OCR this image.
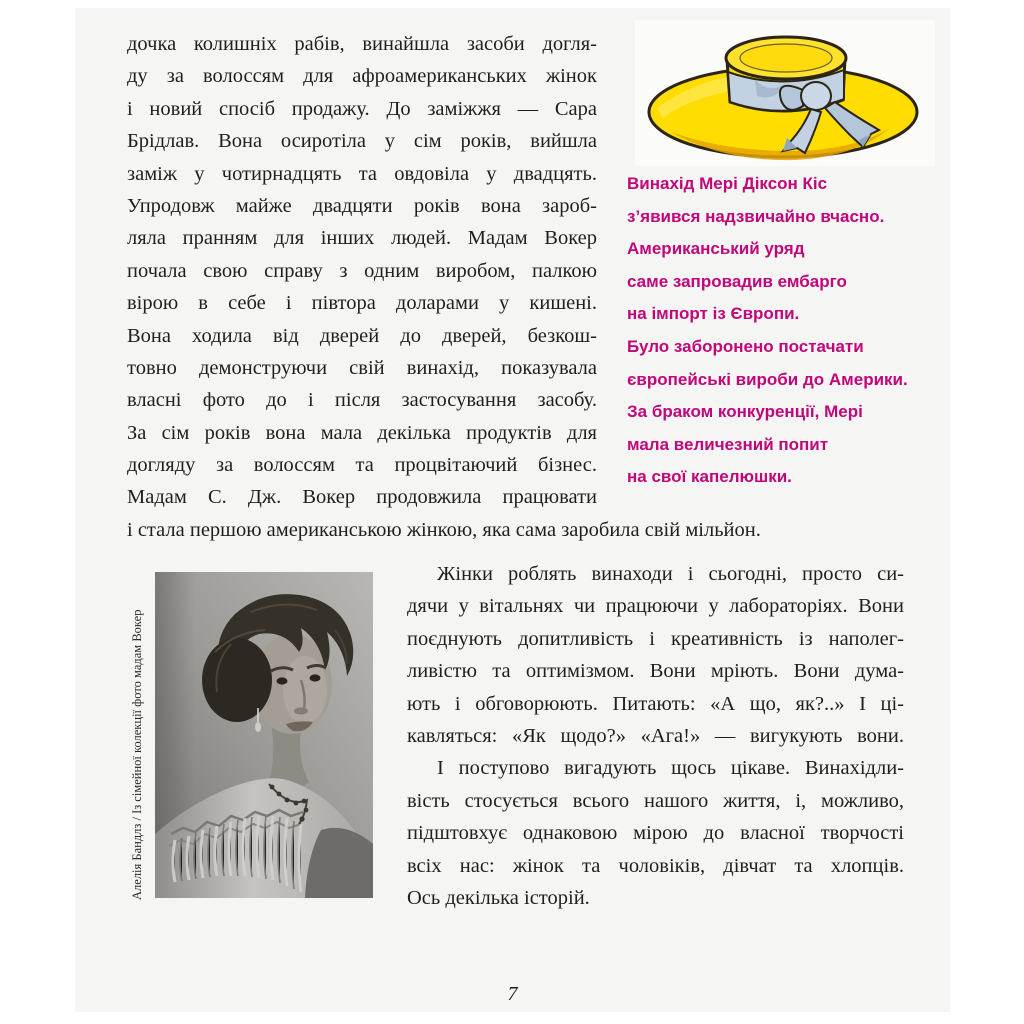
дочка колишніх рабів, винайшла засоби догля-
ду за волоссям для афроамериканських жінок
і новий спосіб продажу. До заміжжя — Сара
Брідлав. Вона осиротіла у сім років, вийшла
заміж у чотирнадцять та овдовіла у двадцять.
Упродовж майже двадцяти років вона зароб-
ляла пранням для інших людей. Мадам Вокер
почала свою справу з одним виробом, палкою
вірою в себе і півтора доларами у кишені.
Вона ходила від дверей до дверей, безкош-
товно демонструючи свій винахід, показувала
власні фото до і після застосування засобу.
За сім років вона мала декілька продуктів для
догляду за волоссям та процвітаючий бізнес.
Мадам С. Дж. Вокер продовжила працювати
і стала першою американською жінкою, яка сама заробила свій мільйон.
Винахід Мері Діксон Кіс
з’явився надзвичайно вчасно.
Американський уряд
саме запровадив ембарго
на імпорт із Європи.
Було заборонено постачати
європейські вироби до Америки.
За браком конкуренції, Мері
мала величезний попит
на свої капелюшки.
Алелія Бандлз / Із сімейної колекції фото мадам Вокер
Жінки роблять винаходи і сьогодні, просто си-
дячи у вітальнях чи працюючи у лабораторіях. Вони
поєднують допитливість і креативність із наполег-
ливістю та оптимізмом. Вони мріють. Вони дума-
ють і обговорюють. Питають: «А що, як?..» І ці-
кавляться: «Як щодо?» «Ага!» — вигукують вони.
І поступово вигадують щось цікаве. Винахідли-
вість стосується всього нашого життя, і, можливо,
підштовхує однаковою мірою до власної творчості
всіх нас: жінок та чоловіків, дівчат та хлопців.
Ось декілька історій.
7
